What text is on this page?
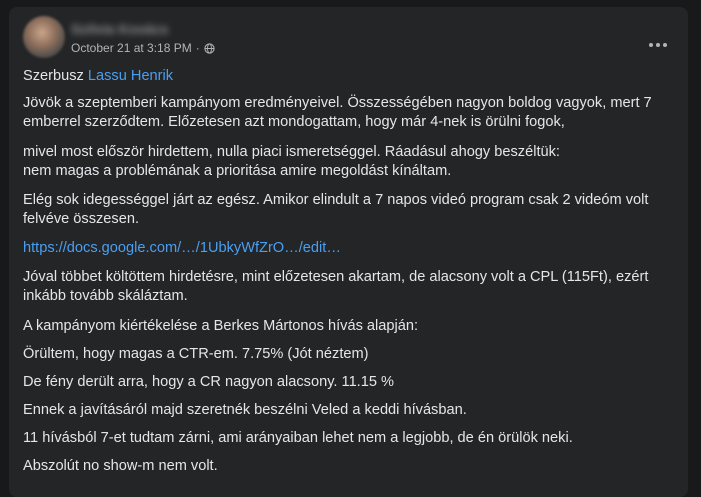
Szilvia Kovács
October 21 at 3:18 PM ·

Szerbusz Lassu Henrik

Jövök a szeptemberi kampányom eredményeivel. Összességében nagyon boldog vagyok, mert 7
emberrel szerződtem. Előzetesen azt mondogattam, hogy már 4-nek is örülni fogok,

mivel most először hirdettem, nulla piaci ismeretséggel. Ráadásul ahogy beszéltük:
nem magas a problémának a prioritása amire megoldást kínáltam.

Elég sok idegességgel járt az egész. Amikor elindult a 7 napos videó program csak 2 videóm volt
felvéve összesen.

https://docs.google.com/…/1UbkyWfZrO…/edit…

Jóval többet költöttem hirdetésre, mint előzetesen akartam, de alacsony volt a CPL (115Ft), ezért
inkább tovább skáláztam.

A kampányom kiértékelése a Berkes Mártonos hívás alapján:

Örültem, hogy magas a CTR-em. 7.75% (Jót néztem)

De fény derült arra, hogy a CR nagyon alacsony. 11.15 %

Ennek a javításáról majd szeretnék beszélni Veled a keddi hívásban.

11 hívásból 7-et tudtam zárni, ami arányaiban lehet nem a legjobb, de én örülök neki.

Abszolút no show-m nem volt.
